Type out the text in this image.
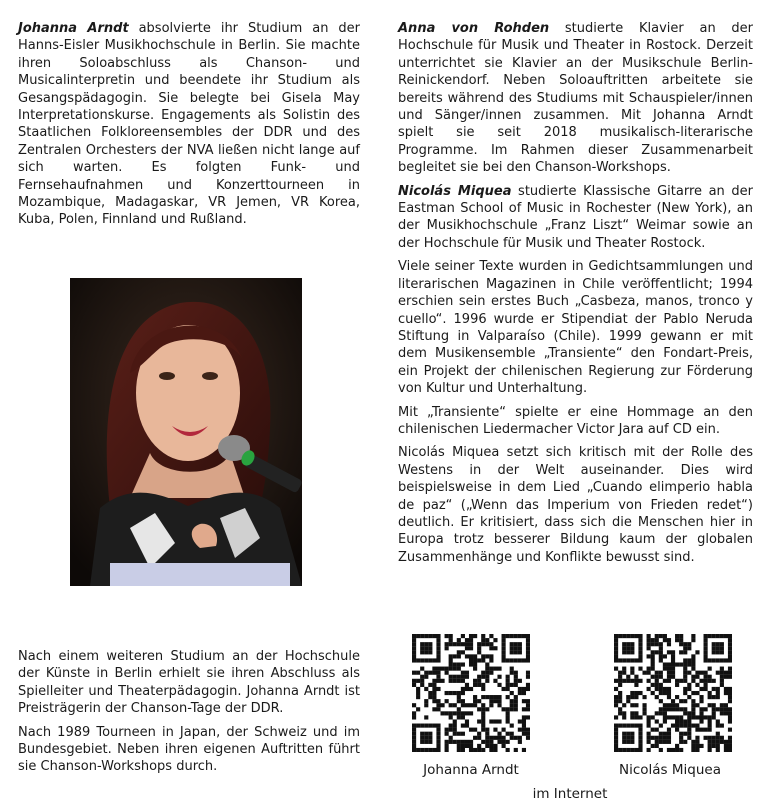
Johanna Arndt absolvierte ihr Studium an der Hanns-Eisler Musikhochschule in Berlin. Sie machte ihren Soloabschluss als Chanson- und Musicalinterpretin und beendete ihr Studium als Gesangspädagogin. Sie belegte bei Gisela May Interpretationskurse. Engagements als Solistin des Staatlichen Folkloreensembles der DDR und des Zentralen Orchesters der NVA ließen nicht lange auf sich warten. Es folgten Funk- und Fernsehaufnahmen und Konzerttourneen in Mozambique, Madagaskar, VR Jemen, VR Korea, Kuba, Polen, Finnland und Rußland.

Nach einem weiteren Studium an der Hochschule der Künste in Berlin erhielt sie ihren Abschluss als Spielleiter und Theaterpädagogin. Johanna Arndt ist Preisträgerin der Chanson-Tage der DDR.

Nach 1989 Tourneen in Japan, der Schweiz und im Bundesgebiet. Neben ihren eigenen Auftritten führt sie Chanson-Workshops durch.

Anna von Rohden studierte Klavier an der Hochschule für Musik und Theater in Rostock. Derzeit unterrichtet sie Klavier an der Musikschule Berlin-Reinickendorf. Neben Soloauftritten arbeitete sie bereits während des Studiums mit Schauspieler/innen und Sänger/innen zusammen. Mit Johanna Arndt spielt sie seit 2018 musikalisch-literarische Programme. Im Rahmen dieser Zusammenarbeit begleitet sie bei den Chanson-Workshops.

Nicolás Miquea studierte Klassische Gitarre an der Eastman School of Music in Rochester (New York), an der Musikhochschule „Franz Liszt“ Weimar sowie an der Hochschule für Musik und Theater Rostock.

Viele seiner Texte wurden in Gedichtsammlungen und literarischen Magazinen in Chile veröffentlicht; 1994 erschien sein erstes Buch „Casbeza, manos, tronco y cuello“. 1996 wurde er Stipendiat der Pablo Neruda Stiftung in Valparaíso (Chile). 1999 gewann er mit dem Musikensemble „Transiente“ den Fondart-Preis, ein Projekt der chilenischen Regierung zur Förderung von Kultur und Unterhaltung.

Mit „Transiente“ spielte er eine Hommage an den chilenischen Liedermacher Victor Jara auf CD ein.

Nicolás Miquea setzt sich kritisch mit der Rolle des Westens in der Welt auseinander. Dies wird beispielsweise in dem Lied „Cuando elimperio habla de paz“ („Wenn das Imperium von Frieden redet“) deutlich. Er kritisiert, dass sich die Menschen hier in Europa trotz besserer Bildung kaum der globalen Zusammenhänge und Konflikte bewusst sind.

Johanna Arndt	Nicolás Miquea
im Internet
